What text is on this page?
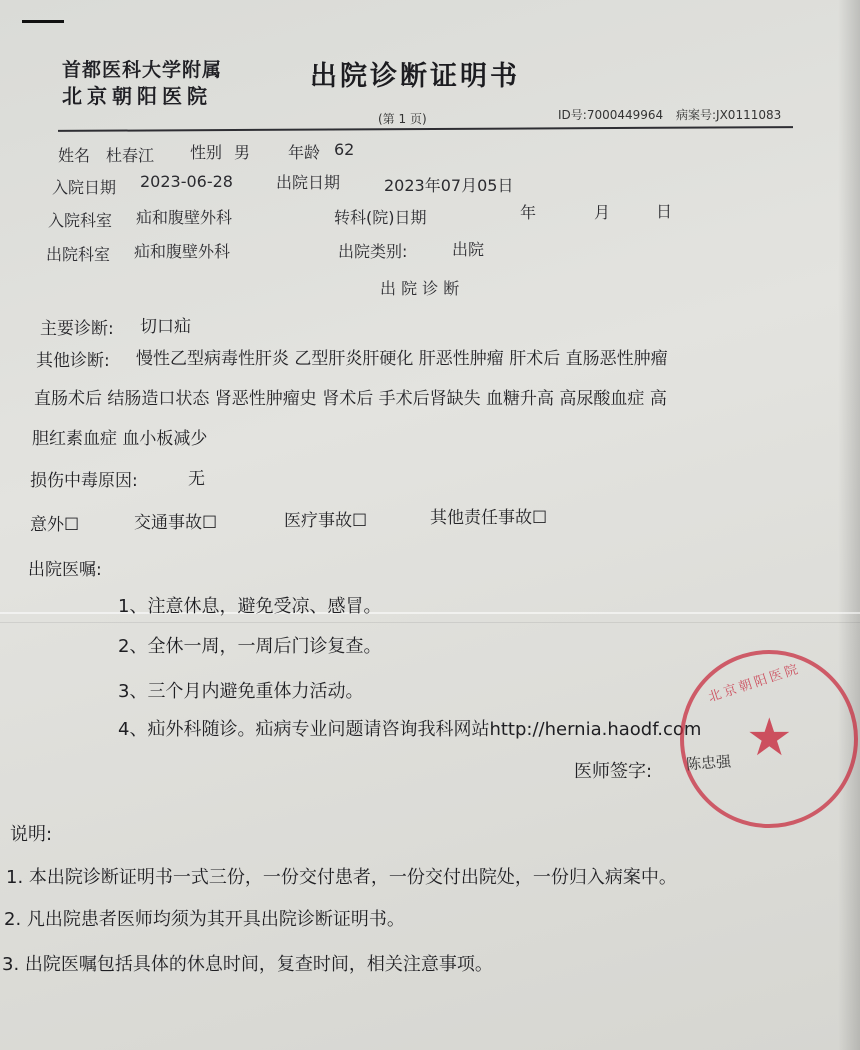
首都医科大学附属
北京朝阳医院
出院诊断证明书
(第 1 页)	ID号:7000449964 病案号:JX0111083
姓名 杜春江 性别 男 年龄 62
入院日期 2023-06-28	出院日期	2023年07月05日
入院科室 疝和腹壁外科	转科(院)日期	年	月	日
出院科室 疝和腹壁外科	出院类别:	出院
出 院 诊 断
主要诊断: 切口疝
其他诊断: 慢性乙型病毒性肝炎 乙型肝炎肝硬化 肝恶性肿瘤 肝术后 直肠恶性肿瘤
直肠术后 结肠造口状态 肾恶性肿瘤史 肾术后 手术后肾缺失 血糖升高 高尿酸血症 高
胆红素血症 血小板减少
损伤中毒原因:	无
意外☐	交通事故☐	医疗事故☐	其他责任事故☐
出院医嘱:
1、注意休息，避免受凉、感冒。
2、全休一周，一周后门诊复查。
3、三个月内避免重体力活动。
4、疝外科随诊。疝病专业问题请咨询我科网站http://hernia.haodf.com
医师签字:
北京朝阳医院
★
陈忠强
说明:
1. 本出院诊断证明书一式三份，一份交付患者，一份交付出院处，一份归入病案中。
2. 凡出院患者医师均须为其开具出院诊断证明书。
3. 出院医嘱包括具体的休息时间，复查时间，相关注意事项。
